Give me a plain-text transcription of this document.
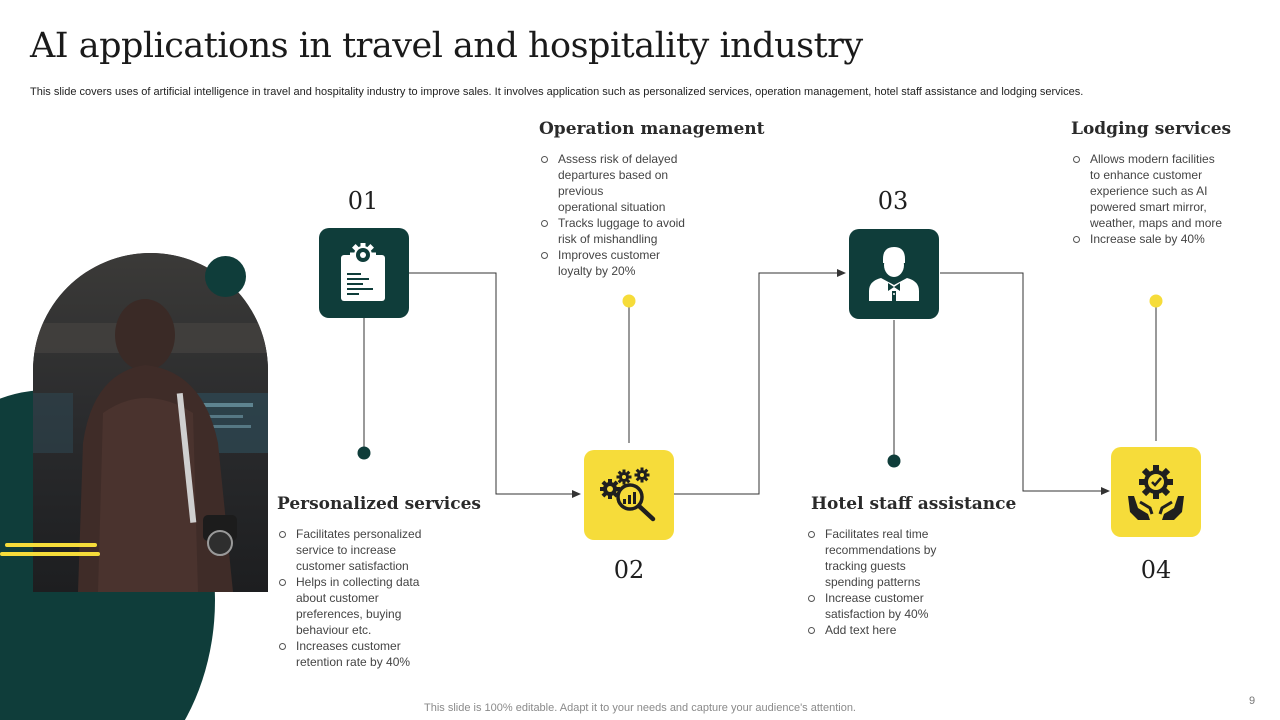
AI applications in travel and hospitality industry
This slide covers uses of artificial intelligence in travel and hospitality industry to improve sales. It involves application such as personalized services, operation management, hotel staff assistance and lodging services.
01
Personalized services
Facilitates personalized
service to increase
customer satisfaction
Helps in collecting data
about customer
preferences, buying
behaviour etc.
Increases customer
retention rate by 40%
02
Operation management
Assess risk of delayed
departures based on
previous
operational situation
Tracks luggage to avoid
risk of mishandling
Improves customer
loyalty by 20%
03
Hotel staff assistance
Facilitates real time
recommendations by
tracking guests
spending patterns
Increase customer
satisfaction by 40%
Add text here
04
Lodging services
Allows modern facilities
to enhance customer
experience such as AI
powered smart mirror,
weather, maps and more
Increase sale by 40%
This slide is 100% editable. Adapt it to your needs and capture your audience's attention.
9
